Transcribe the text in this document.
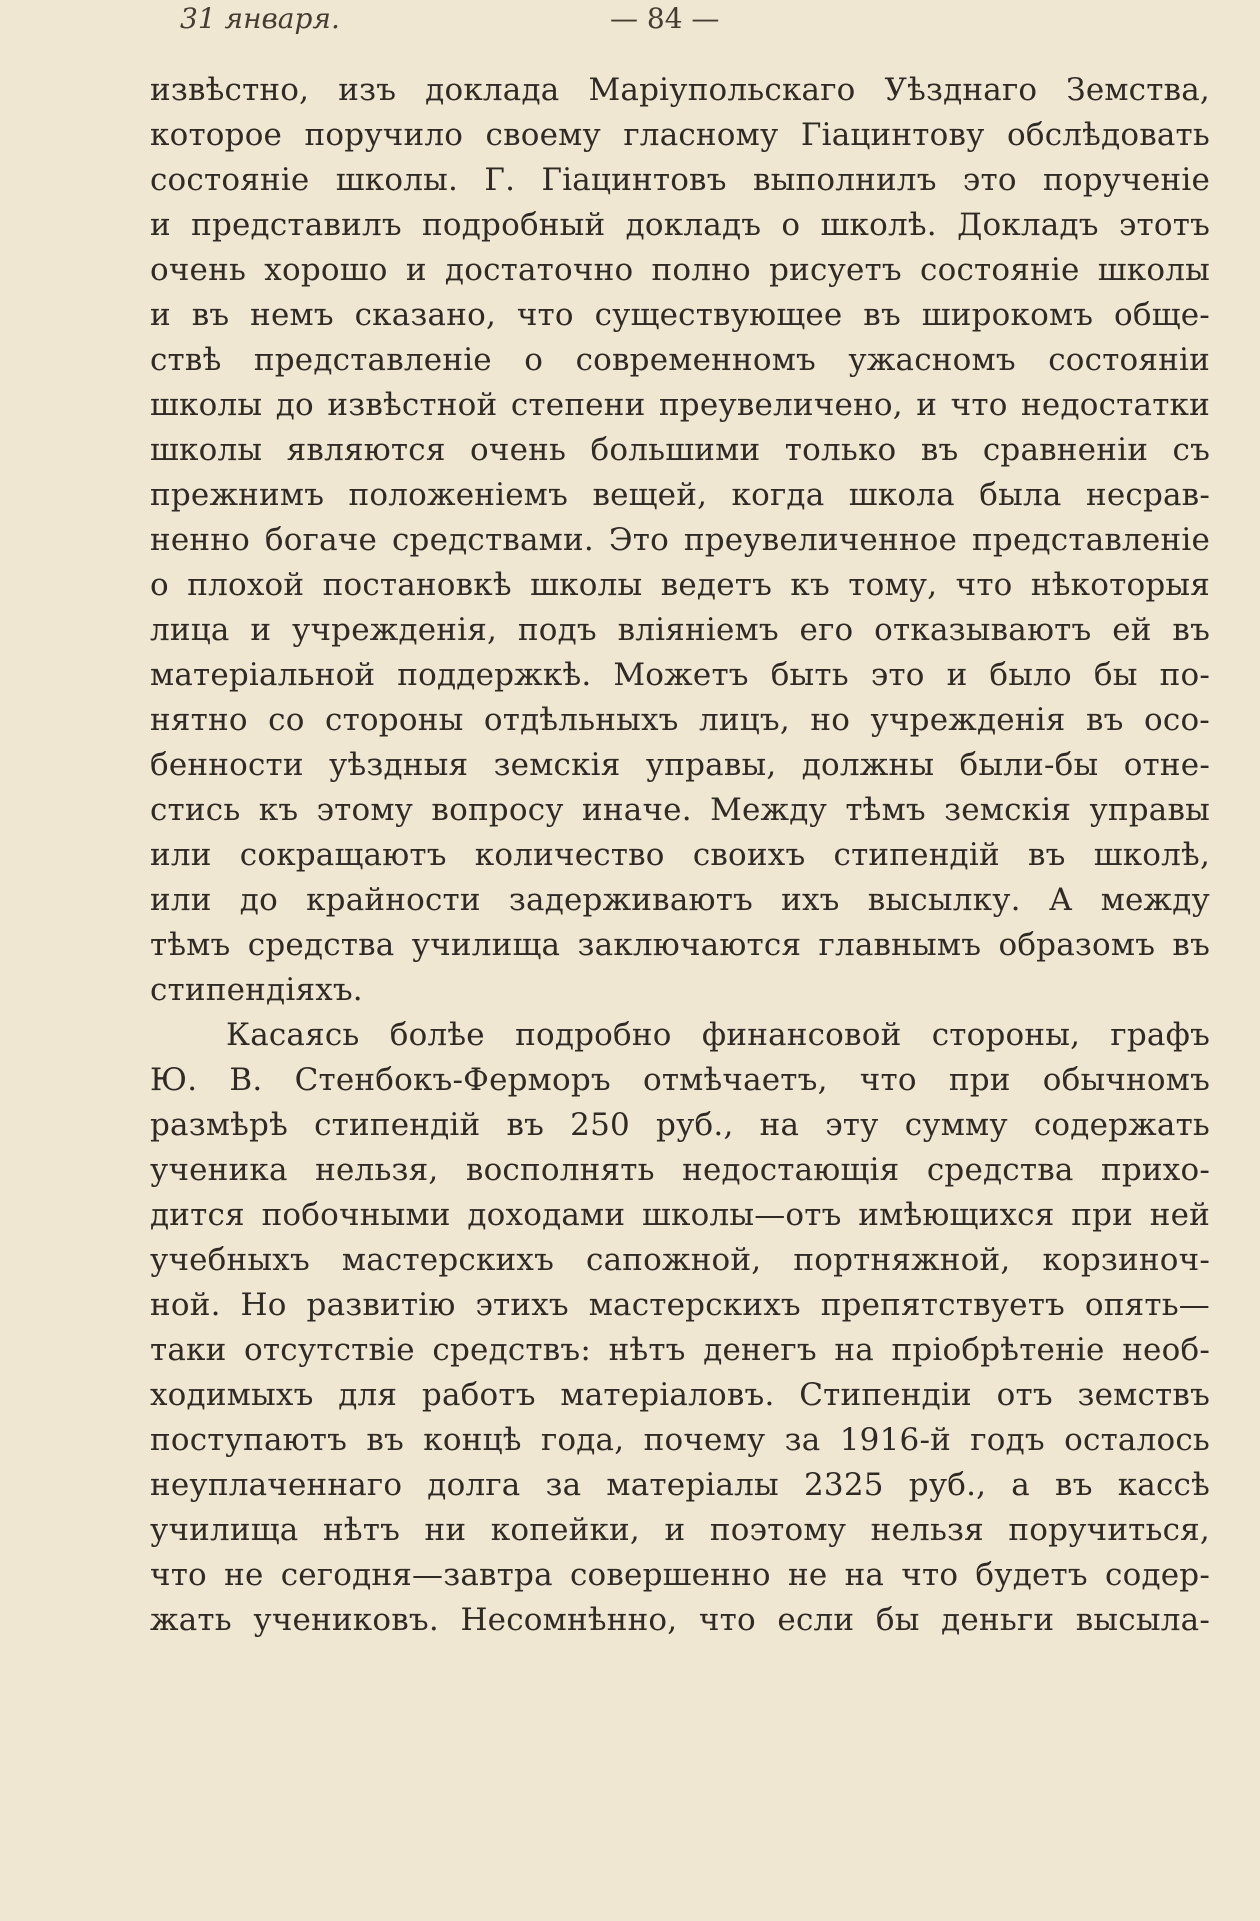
31 января.	— 84 —
извѣстно, изъ доклада Маріупольскаго Уѣзднаго Земства,
которое поручило своему гласному Гіацинтову обслѣдовать
состояніе школы. Г. Гіацинтовъ выполнилъ это порученіе
и представилъ подробный докладъ о школѣ. Докладъ этотъ
очень хорошо и достаточно полно рисуетъ состояніе школы
и въ немъ сказано, что существующее въ широкомъ обще-
ствѣ представленіе о современномъ ужасномъ состояніи
школы до извѣстной степени преувеличено, и что недостатки
школы являются очень большими только въ сравненіи съ
прежнимъ положеніемъ вещей, когда школа была несрав-
ненно богаче средствами. Это преувеличенное представленіе
о плохой постановкѣ школы ведетъ къ тому, что нѣкоторыя
лица и учрежденія, подъ вліяніемъ его отказываютъ ей въ
матеріальной поддержкѣ. Можетъ быть это и было бы по-
нятно со стороны отдѣльныхъ лицъ, но учрежденія въ осо-
бенности уѣздныя земскія управы, должны были-бы отне-
стись къ этому вопросу иначе. Между тѣмъ земскія управы
или сокращаютъ количество своихъ стипендій въ школѣ,
или до крайности задерживаютъ ихъ высылку. А между
тѣмъ средства училища заключаются главнымъ образомъ въ
стипендіяхъ.
Касаясь болѣе подробно финансовой стороны, графъ
Ю. В. Стенбокъ-Ферморъ отмѣчаетъ, что при обычномъ
размѣрѣ стипендій въ 250 руб., на эту сумму содержать
ученика нельзя, восполнять недостающія средства прихо-
дится побочными доходами школы—отъ имѣющихся при ней
учебныхъ мастерскихъ сапожной, портняжной, корзиноч-
ной. Но развитію этихъ мастерскихъ препятствуетъ опять—
таки отсутствіе средствъ: нѣтъ денегъ на пріобрѣтеніе необ-
ходимыхъ для работъ матеріаловъ. Стипендіи отъ земствъ
поступаютъ въ концѣ года, почему за 1916-й годъ осталось
неуплаченнаго долга за матеріалы 2325 руб., а въ кассѣ
училища нѣтъ ни копейки, и поэтому нельзя поручиться,
что не сегодня—завтра совершенно не на что будетъ содер-
жать учениковъ. Несомнѣнно, что если бы деньги высыла-
